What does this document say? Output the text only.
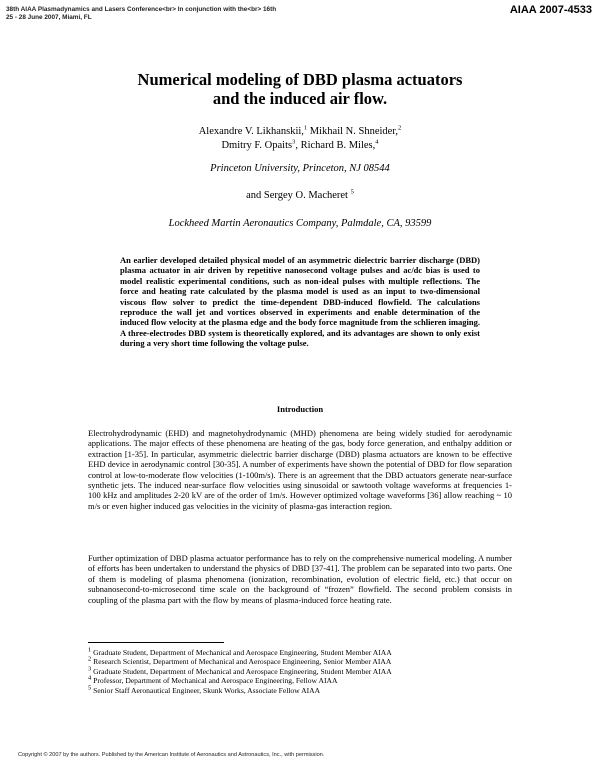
38th AIAA Plasmadynamics and Lasers Conference<br> In conjunction with the<br> 16th
25 - 28 June 2007, Miami, FL
AIAA 2007-4533
Numerical modeling of DBD plasma actuators
and the induced air flow.
Alexandre V. Likhanskii,$^1$ Mikhail N. Shneider,$^2$
Dmitry F. Opaits$^3$, Richard B. Miles,$^4$
Princeton University, Princeton, NJ 08544
and Sergey O. Macheret $^5$
Lockheed Martin Aeronautics Company, Palmdale, CA, 93599
An earlier developed detailed physical model of an asymmetric dielectric barrier discharge (DBD) plasma actuator in air driven by repetitive nanosecond voltage pulses and ac/dc bias is used to model realistic experimental conditions, such as non-ideal pulses with multiple reflections. The force and heating rate calculated by the plasma model is used as an input to two-dimensional viscous flow solver to predict the time-dependent DBD-induced flowfield. The calculations reproduce the wall jet and vortices observed in experiments and enable determination of the induced flow velocity at the plasma edge and the body force magnitude from the schlieren imaging. A three-electrodes DBD system is theoretically explored, and its advantages are shown to only exist during a very short time following the voltage pulse.
Introduction
Electrohydrodynamic (EHD) and magnetohydrodynamic (MHD) phenomena are being widely studied for aerodynamic applications. The major effects of these phenomena are heating of the gas, body force generation, and enthalpy addition or extraction [1-35]. In particular, asymmetric dielectric barrier discharge (DBD) plasma actuators are known to be effective EHD device in aerodynamic control [30-35]. A number of experiments have shown the potential of DBD for flow separation control at low-to-moderate flow velocities (1-100m/s). There is an agreement that the DBD actuators generate near-surface synthetic jets. The induced near-surface flow velocities using sinusoidal or sawtooth voltage waveforms at frequencies 1-100 kHz and amplitudes 2-20 kV are of the order of 1m/s. However optimized voltage waveforms [36] allow reaching ~ 10 m/s or even higher induced gas velocities in the vicinity of plasma-gas interaction region.
Further optimization of DBD plasma actuator performance has to rely on the comprehensive numerical modeling. A number of efforts has been undertaken to understand the physics of DBD [37-41]. The problem can be separated into two parts. One of them is modeling of plasma phenomena (ionization, recombination, evolution of electric field, etc.) that occur on subnanosecond-to-microsecond time scale on the background of “frozen” flowfield. The second problem consists in coupling of the plasma part with the flow by means of plasma-induced force heating rate.
$^1$ Graduate Student, Department of Mechanical and Aerospace Engineering, Student Member AIAA
$^2$ Research Scientist, Department of Mechanical and Aerospace Engineering, Senior Member AIAA
$^3$ Graduate Student, Department of Mechanical and Aerospace Engineering, Student Member AIAA
$^4$ Professor, Department of Mechanical and Aerospace Engineering, Fellow AIAA
$^5$ Senior Staff Aeronautical Engineer, Skunk Works, Associate Fellow AIAA
Copyright © 2007 by the authors. Published by the American Institute of Aeronautics and Astronautics, Inc., with permission.
